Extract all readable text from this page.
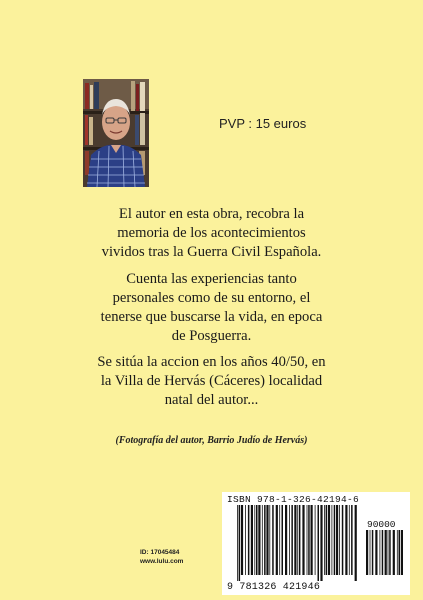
PVP : 15 euros
El autor en esta obra, recobra la
memoria de los acontecimientos
vividos tras la Guerra Civil Española.
Cuenta las experiencias tanto
personales como de su entorno, el
tenerse que buscarse la vida, en epoca
de Posguerra.
Se sitúa la accion en los años 40/50, en
la Villa de Hervás (Cáceres) localidad
natal del autor...
(Fotografía del autor, Barrio Judío de Hervás)
ID: 17045484
www.lulu.com
ISBN 978-1-326-42194-6
90000
9 781326 421946
